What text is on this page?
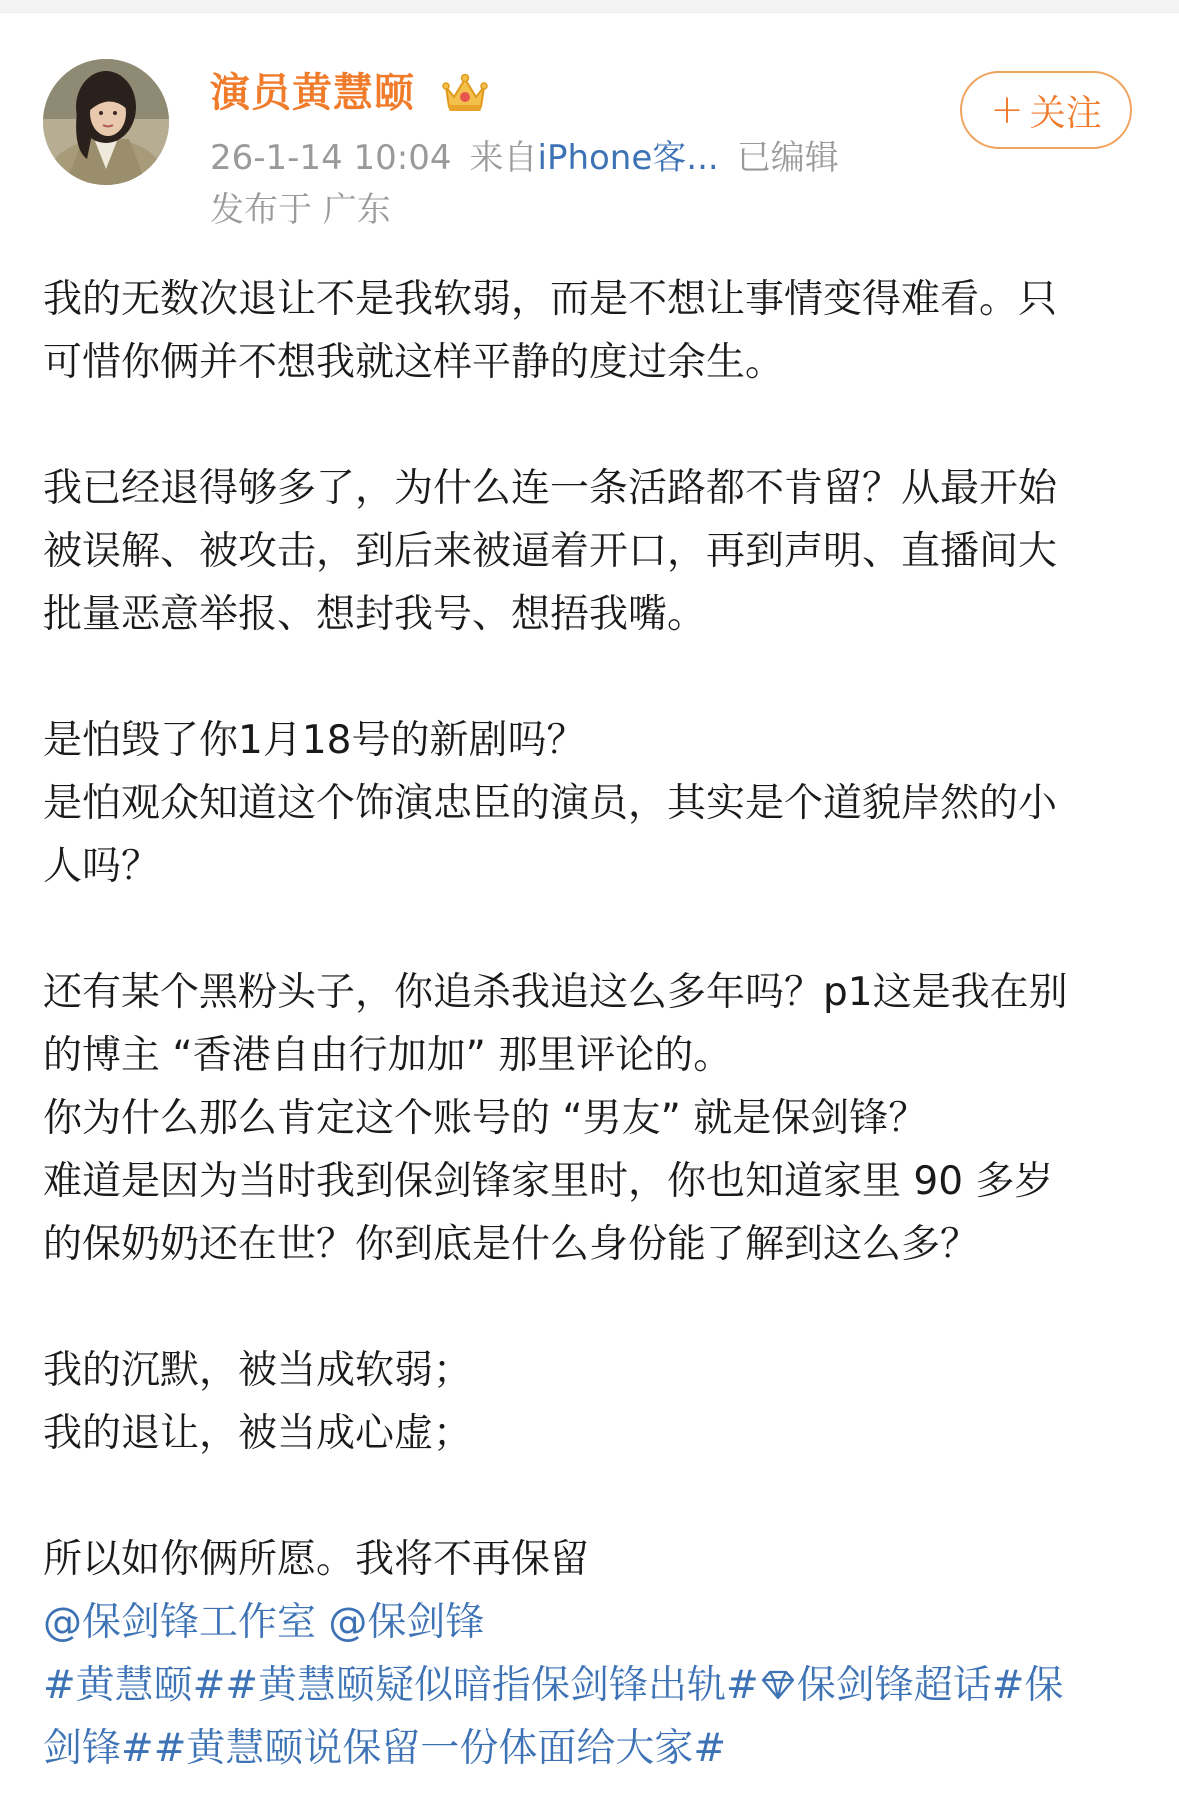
演员黄慧颐
26-1-14 10:04 来自iPhone客... 已编辑
发布于 广东
+ 关注
我的无数次退让不是我软弱，而是不想让事情变得难看。只
可惜你俩并不想我就这样平静的度过余生。
我已经退得够多了，为什么连一条活路都不肯留？从最开始
被误解、被攻击，到后来被逼着开口，再到声明、直播间大
批量恶意举报、想封我号、想捂我嘴。
是怕毁了你1月18号的新剧吗？
是怕观众知道这个饰演忠臣的演员，其实是个道貌岸然的小
人吗？
还有某个黑粉头子，你追杀我追这么多年吗？p1这是我在别
的博主 “香港自由行加加” 那里评论的。
你为什么那么肯定这个账号的 “男友” 就是保剑锋？
难道是因为当时我到保剑锋家里时，你也知道家里 90 多岁
的保奶奶还在世？你到底是什么身份能了解到这么多？
我的沉默，被当成软弱；
我的退让，被当成心虚；
所以如你俩所愿。我将不再保留
@保剑锋工作室 @保剑锋
#黄慧颐##黄慧颐疑似暗指保剑锋出轨# 保剑锋超话#保
剑锋##黄慧颐说保留一份体面给大家#
